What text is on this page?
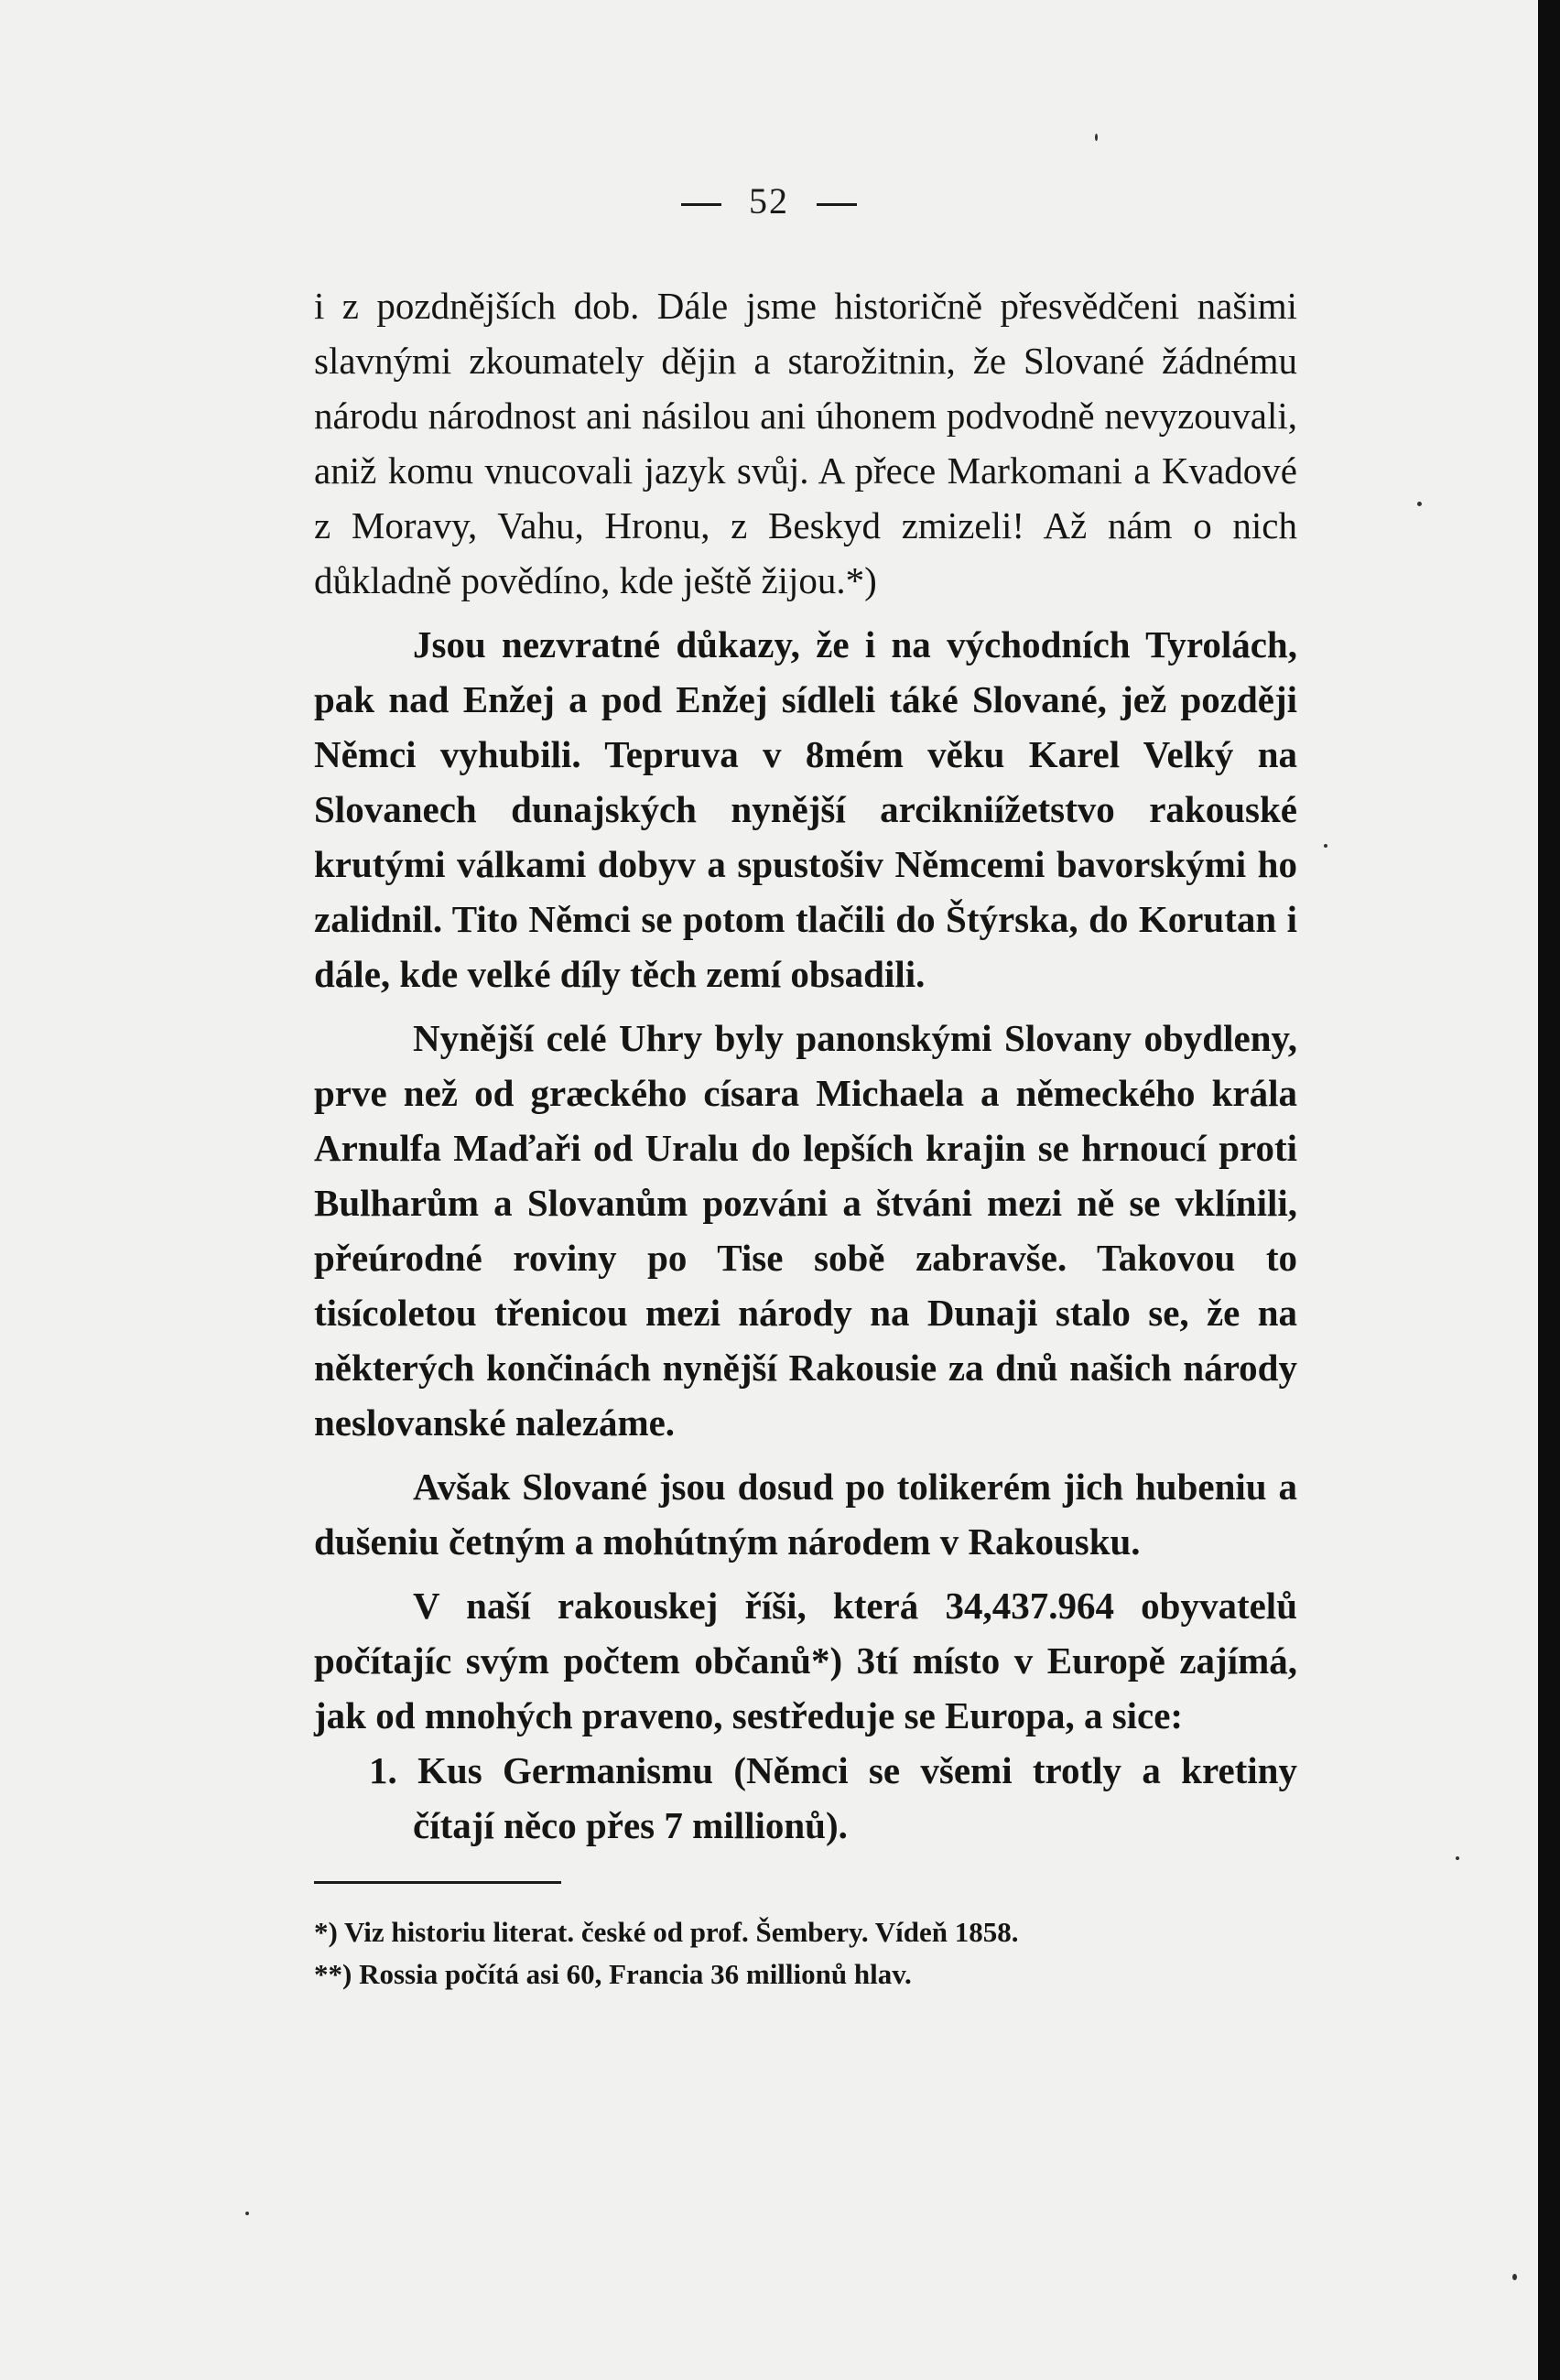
52

i z pozdnějších dob. Dále jsme historičně přesvědčeni našimi slavnými zkoumately dějin a starožitnin, že Slované žádnému národu národnost ani násilou ani úhonem podvodně nevyzouvali, aniž komu vnucovali jazyk svůj. A přece Markomani a Kvadové z Moravy, Vahu, Hronu, z Beskyd zmizeli! Až nám o nich důkladně povědíno, kde ještě žijou.*)

Jsou nezvratné důkazy, že i na východních Tyrolách, pak nad Enžej a pod Enžej sídleli táké Slované, jež později Němci vyhubili. Tepruva v 8mém věku Karel Velký na Slovanech dunajských nynější arcikniížetstvo rakouské krutými válkami dobyv a spustošiv Němcemi bavorskými ho zalidnil. Tito Němci se potom tlačili do Štýrska, do Korutan i dále, kde velké díly těch zemí obsadili.

Nynější celé Uhry byly panonskými Slovany obydleny, prve než od græckého císara Michaela a německého krála Arnulfa Maďaři od Uralu do lepších krajin se hrnoucí proti Bulharům a Slovanům pozváni a štváni mezi ně se vklínili, přeúrodné roviny po Tise sobě zabravše. Takovou to tisícoletou třenicou mezi národy na Dunaji stalo se, že na některých končinách nynější Rakousie za dnů našich národy neslovanské nalezáme.

Avšak Slované jsou dosud po tolikerém jich hubeniu a dušeniu četným a mohútným národem v Rakousku.

V naší rakouskej říši, která 34,437.964 obyvatelů počítajíc svým počtem občanů*) 3tí místo v Europě zajímá, jak od mnohých praveno, sestředuje se Europa, a sice:

1. Kus Germanismu (Němci se všemi trotly a kretiny čítají něco přes 7 millionů).

*) Viz historiu literat. české od prof. Šembery. Vídeň 1858.
**) Rossia počítá asi 60, Francia 36 millionů hlav.
